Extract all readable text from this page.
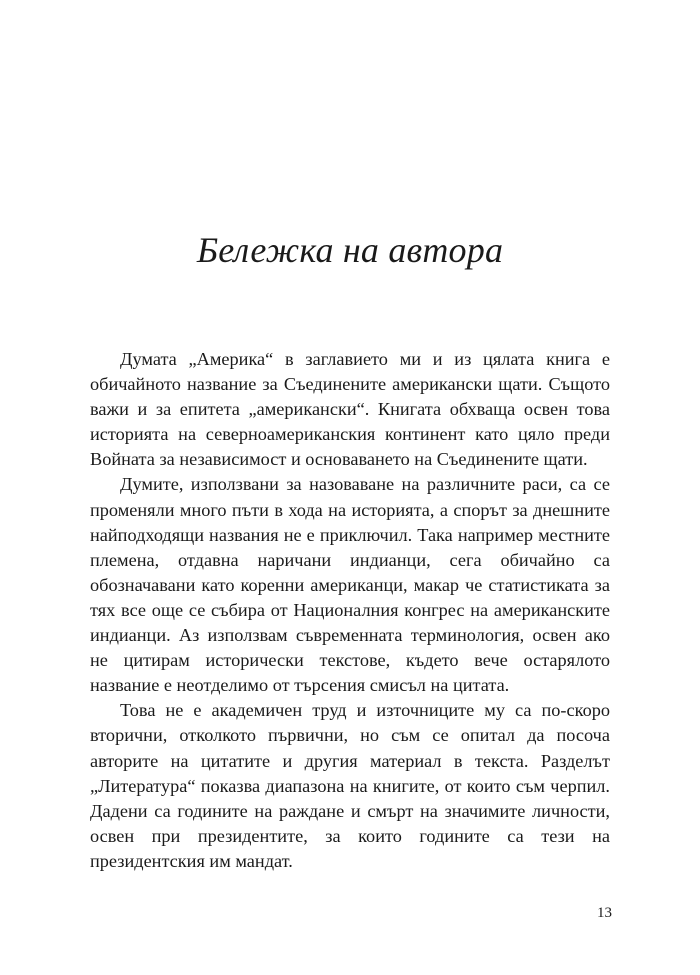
Бележка на автора

Думата „Америка“ в заглавието ми и из цялата книга е обичайното название за Съединените американски щати. Същото важи и за епитета „американски“. Книгата обхваща освен това историята на северноамериканския континент като цяло преди Войната за независимост и основаването на Съединените щати.

Думите, използвани за назоваване на различните раси, са се променяли много пъти в хода на историята, а спорът за днешните найподходящи названия не е приключил. Така например местните племена, отдавна наричани индианци, сега обичайно са обозначавани като коренни американци, макар че статистиката за тях все още се събира от Националния конгрес на американските индианци. Аз използвам съвременната терминология, освен ако не цитирам исторически текстове, където вече остарялото название е неотделимо от търсения смисъл на цитата.

Това не е академичен труд и източниците му са по-скоро вторични, отколкото първични, но съм се опитал да посоча авторите на цитатите и другия материал в текста. Разделът „Литература“ показва диапазона на книгите, от които съм черпил. Дадени са годините на раждане и смърт на значимите личности, освен при президентите, за които годините са тези на президентския им мандат.

13
